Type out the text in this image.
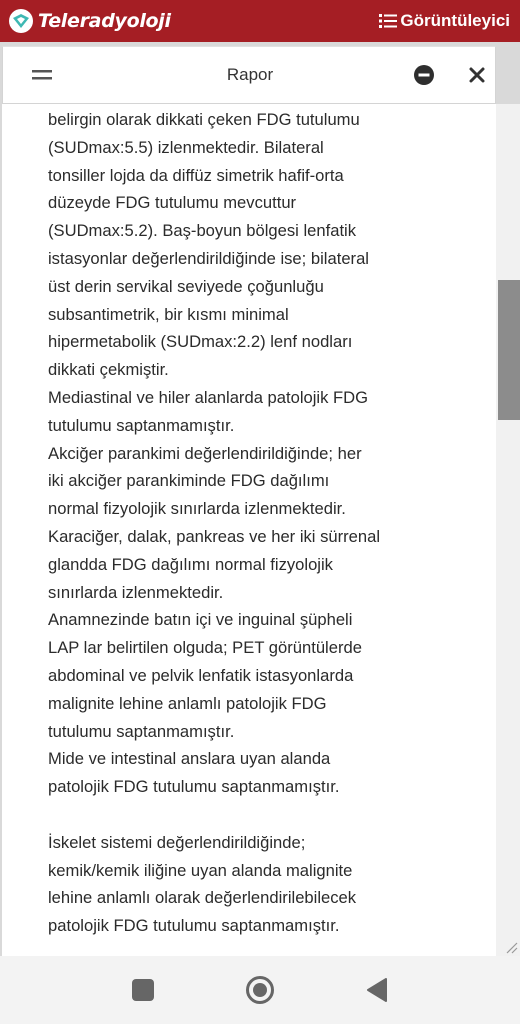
Teleradyoloji	Görüntüleyici
Rapor
belirgin olarak dikkati çeken FDG tutulumu
(SUDmax:5.5) izlenmektedir. Bilateral
tonsiller lojda da diffüz simetrik hafif-orta
düzeyde FDG tutulumu mevcuttur
(SUDmax:5.2). Baş-boyun bölgesi lenfatik
istasyonlar değerlendirildiğinde ise; bilateral
üst derin servikal seviyede çoğunluğu
subsantimetrik, bir kısmı minimal
hipermetabolik (SUDmax:2.2) lenf nodları
dikkati çekmiştir.
Mediastinal ve hiler alanlarda patolojik FDG
tutulumu saptanmamıştır.
Akciğer parankimi değerlendirildiğinde; her
iki akciğer parankiminde FDG dağılımı
normal fizyolojik sınırlarda izlenmektedir.
Karaciğer, dalak, pankreas ve her iki sürrenal
glandda FDG dağılımı normal fizyolojik
sınırlarda izlenmektedir.
Anamnezinde batın içi ve inguinal şüpheli
LAP lar belirtilen olguda; PET görüntülerde
abdominal ve pelvik lenfatik istasyonlarda
malignite lehine anlamlı patolojik FDG
tutulumu saptanmamıştır.
Mide ve intestinal anslara uyan alanda
patolojik FDG tutulumu saptanmamıştır.
İskelet sistemi değerlendirildiğinde;
kemik/kemik iliğine uyan alanda malignite
lehine anlamlı olarak değerlendirilebilecek
patolojik FDG tutulumu saptanmamıştır.
